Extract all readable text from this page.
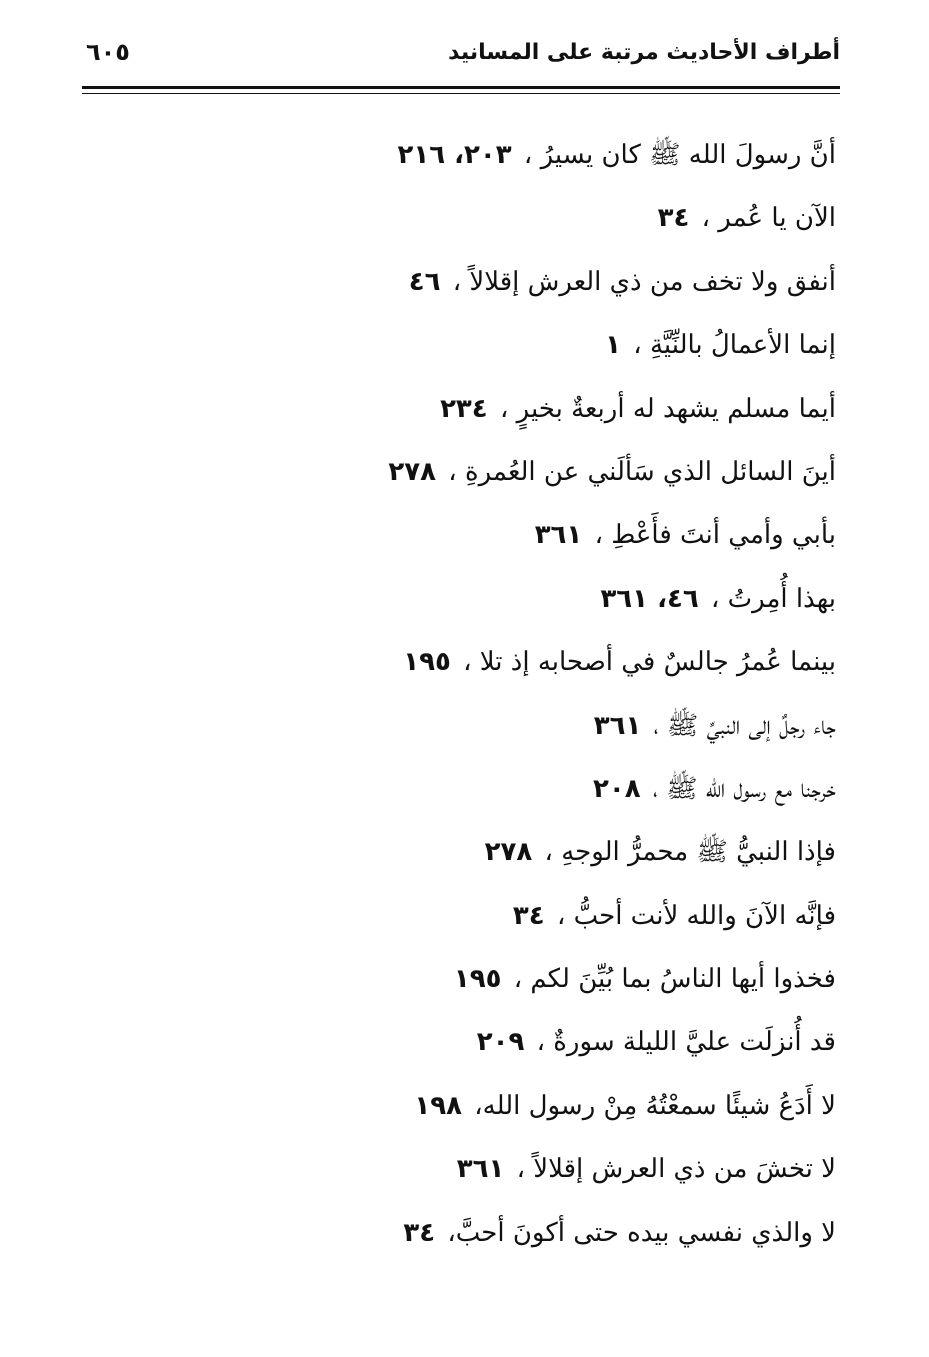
أطراف الأحاديث مرتبة على المسانيد
٦٠٥
أنَّ رسولَ الله ﷺ كان يسيرُ ، ٢٠٣، ٢١٦
الآن يا عُمر ، ٣٤
أنفق ولا تخف من ذي العرش إقلالاً ، ٤٦
إنما الأعمالُ بالنِّيَّةِ ، ١
أيما مسلم يشهد له أربعةٌ بخيرٍ ، ٢٣٤
أينَ السائل الذي سَألَني عن العُمرةِ ، ٢٧٨
بأبي وأمي أنتَ فأَعْطِ ، ٣٦١
بهذا أُمِرتُ ، ٤٦، ٣٦١
بينما عُمرُ جالسٌ في أصحابه إذ تلا ، ١٩٥
جاء رجلٌ إلى النبيِّ ﷺ ، ٣٦١
خرجنا مع رسول الله ﷺ ، ٢٠٨
فإذا النبيُّ ﷺ محمرُّ الوجهِ ، ٢٧٨
فإنَّه الآنَ والله لأنت أحبُّ ، ٣٤
فخذوا أيها الناسُ بما بُيِّنَ لكم ، ١٩٥
قد أُنزلَت عليَّ الليلة سورةٌ ، ٢٠٩
لا أَدَعُ شيئًا سمعْتُهُ مِنْ رسول الله، ١٩٨
لا تخشَ من ذي العرش إقلالاً ، ٣٦١
لا والذي نفسي بيده حتى أكونَ أحبَّ، ٣٤
